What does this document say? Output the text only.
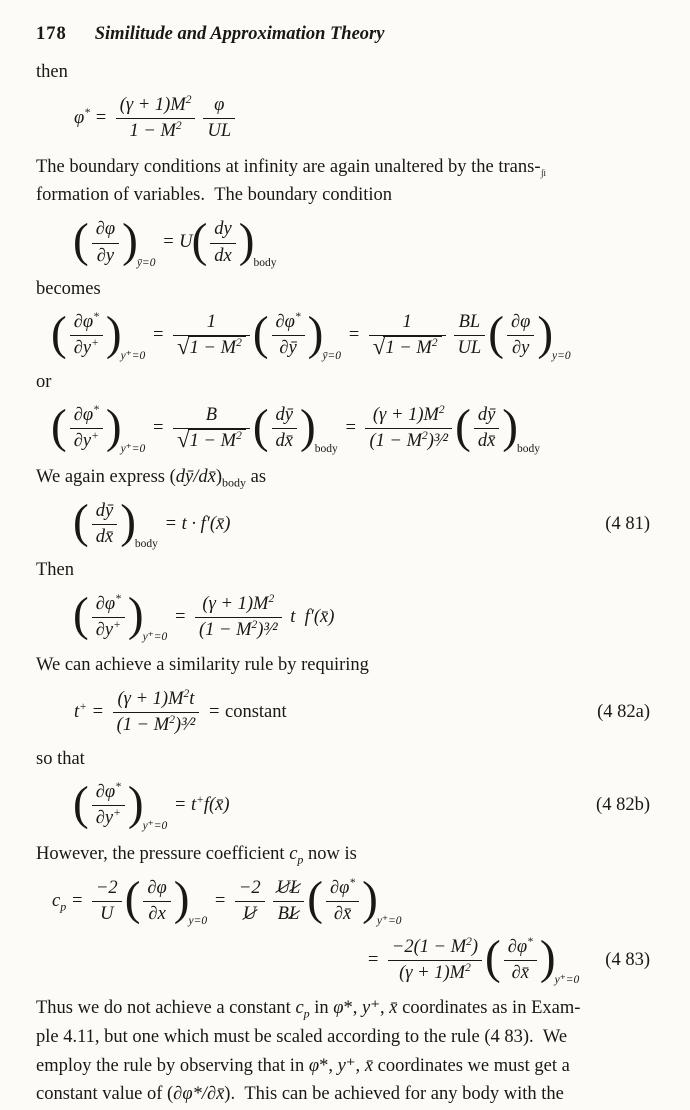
178 Similitude and Approximation Theory
then
$\varphi^* = \frac{(\gamma + 1)M^2}{1 - M^2} \frac{\varphi}{UL}$

The boundary conditions at infinity are again unaltered by the trans-$_{ʃı}$
formation of variables. The boundary condition

( $\frac{\partial\varphi}{\partial y} )_{ȳ=0} = U( \frac{dy}{dx} )_{body}$
becomes
( $\frac{\partial\varphi^*}{\partial y^+} )_{y^+=0} = \frac{1}{√1 - M^2}$ ( $\frac{\partial\varphi^*}{\partial ȳ} )_{ȳ=0} = \frac{1}{√1 - M^2} \frac{BL}{UL}$ ( $\frac{\partial\varphi}{\partial y} )_{y=0}$
or
( $\frac{\partial\varphi^*}{\partial y^+} )_{y^+=0} = \frac{B}{√1 - M^2}$ ( $\frac{dȳ}{dx̄} )_{body} = \frac{(\gamma + 1)M^2}{(1 - M^2)^3⁄^2}$ ( $\frac{dȳ}{dx̄} )_{body}$

We again express $(dȳ/dx̄)_{body}$ as

( $\frac{dȳ}{dx̄} )_{body} = t$ · f′(x̄)	(4 81)
Then
( $\frac{\partial\varphi^*}{\partial y^+} )_{y^+=0} = \frac{(\gamma + 1)M^2}{(1 - M^2)^3⁄^2}$ t f′(x̄)

We can achieve a similarity rule by requiring

$t^+ = \frac{(\gamma + 1)M^2t}{(1 - M^2)^3⁄^2}$ = constant	(4 82a)
so that
( $\frac{\partial\varphi^*}{\partial y^+} )_{y^+=0}$ = t+f(x̄)	(4 82b)

However, the pressure coefficient $c_p$ now is

$c_p = \frac{-2}{U}$ ( $\frac{\partial\varphi}{\partial x} )_{y=0} = \frac{-2}{U} \frac{UL}{BL}$ ( $\frac{\partial\varphi^*}{\partial x̄} )_{y^+=0}$
= $\frac{-2(1 - M^2)}{(\gamma + 1)M^2}$ ( $\frac{\partial\varphi^*}{\partial x̄} )_{y^+=0}$
(4 83)

Thus we do not achieve a constant $c_p$ in φ*, y⁺, x̄ coordinates as in Exam-
ple 4.11, but one which must be scaled according to the rule (4 83). We
employ the rule by observing that in φ*, y⁺, x̄ coordinates we must get a
constant value of (∂φ*/∂x̄). This can be achieved for any body with the
